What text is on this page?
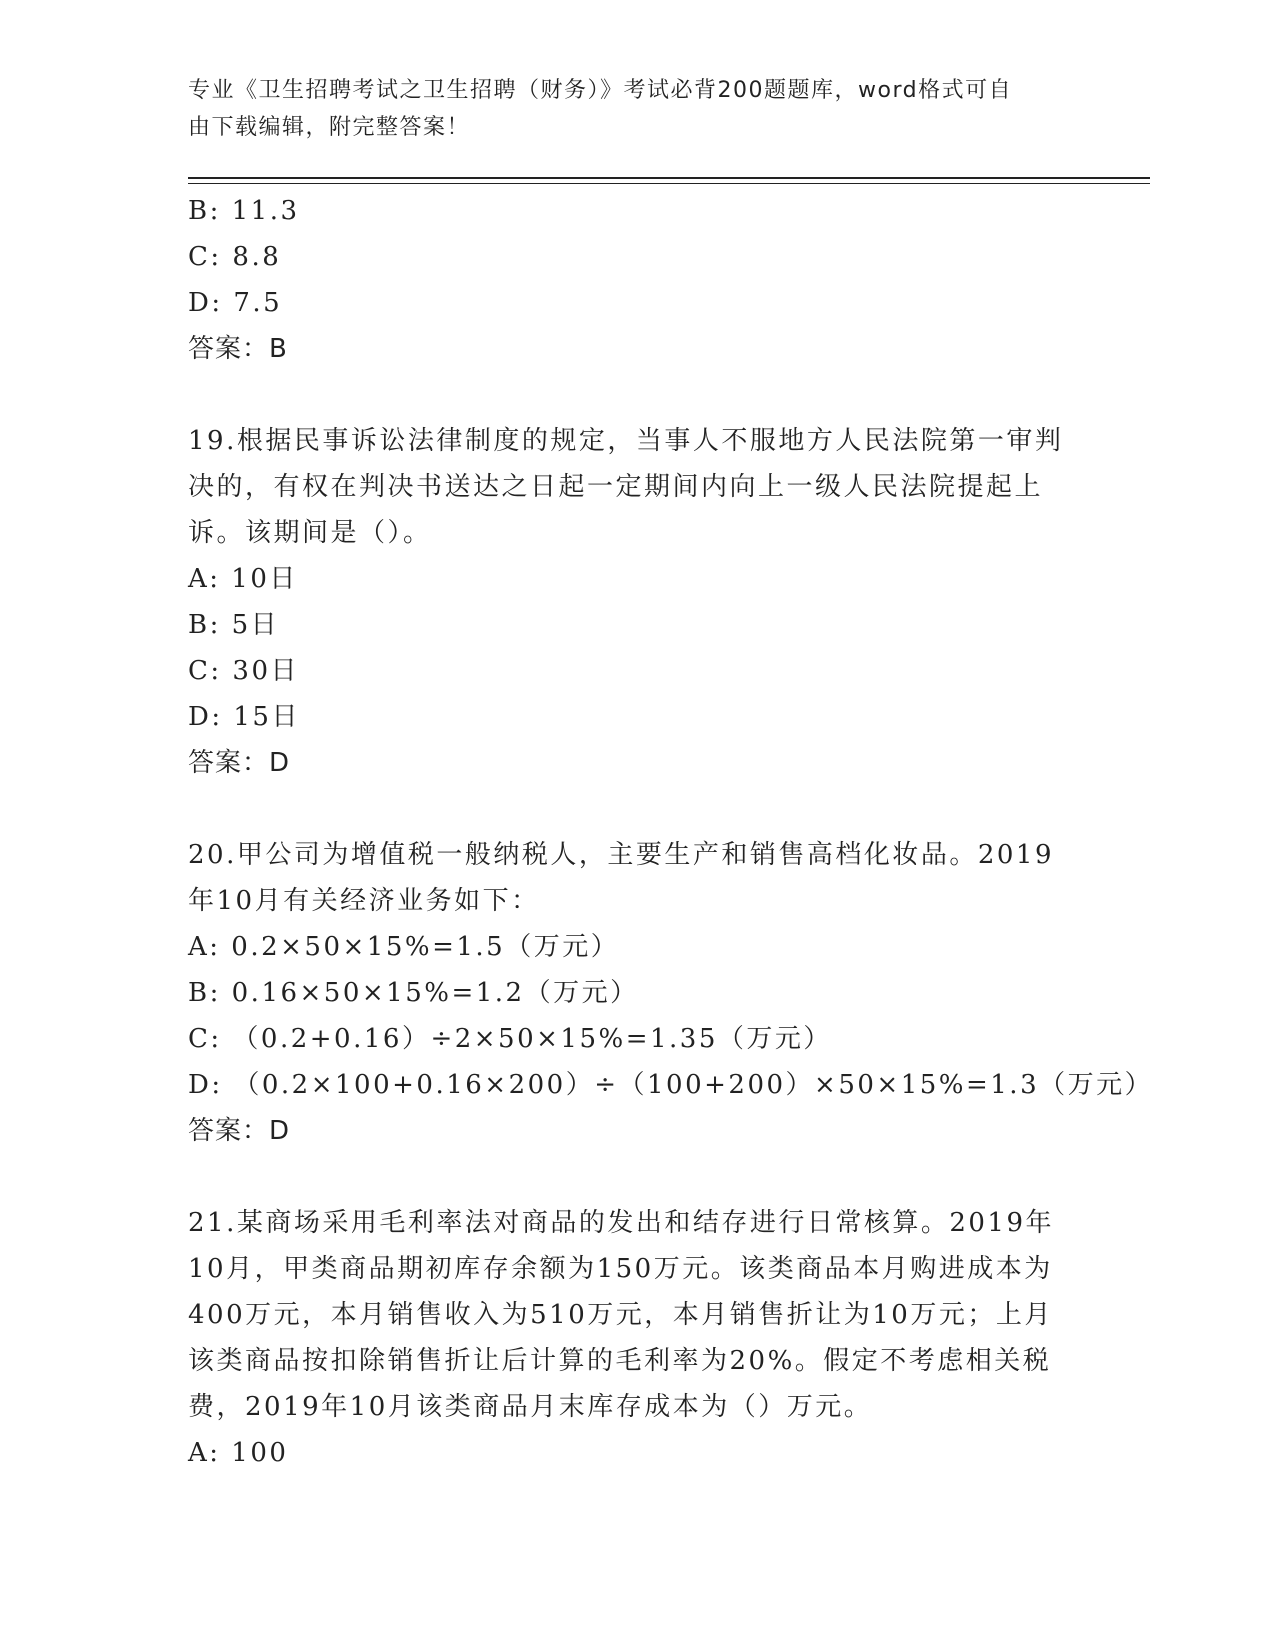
专业《卫生招聘考试之卫生招聘（财务）》考试必背200题题库，word格式可自
由下载编辑，附完整答案！
B: 11.3
C: 8.8
D: 7.5
答案：B
19.根据民事诉讼法律制度的规定，当事人不服地方人民法院第一审判
决的，有权在判决书送达之日起一定期间内向上一级人民法院提起上
诉。该期间是（）。
A: 10日
B: 5日
C: 30日
D: 15日
答案：D
20.甲公司为增值税一般纳税人，主要生产和销售高档化妆品。2019
年10月有关经济业务如下：
A: 0.2×50×15%=1.5（万元）
B: 0.16×50×15%=1.2（万元）
C: （0.2+0.16）÷2×50×15%=1.35（万元）
D: （0.2×100+0.16×200）÷（100+200）×50×15%=1.3（万元）
答案：D
21.某商场采用毛利率法对商品的发出和结存进行日常核算。2019年
10月，甲类商品期初库存余额为150万元。该类商品本月购进成本为
400万元，本月销售收入为510万元，本月销售折让为10万元；上月
该类商品按扣除销售折让后计算的毛利率为20%。假定不考虑相关税
费，2019年10月该类商品月末库存成本为（）万元。
A: 100
